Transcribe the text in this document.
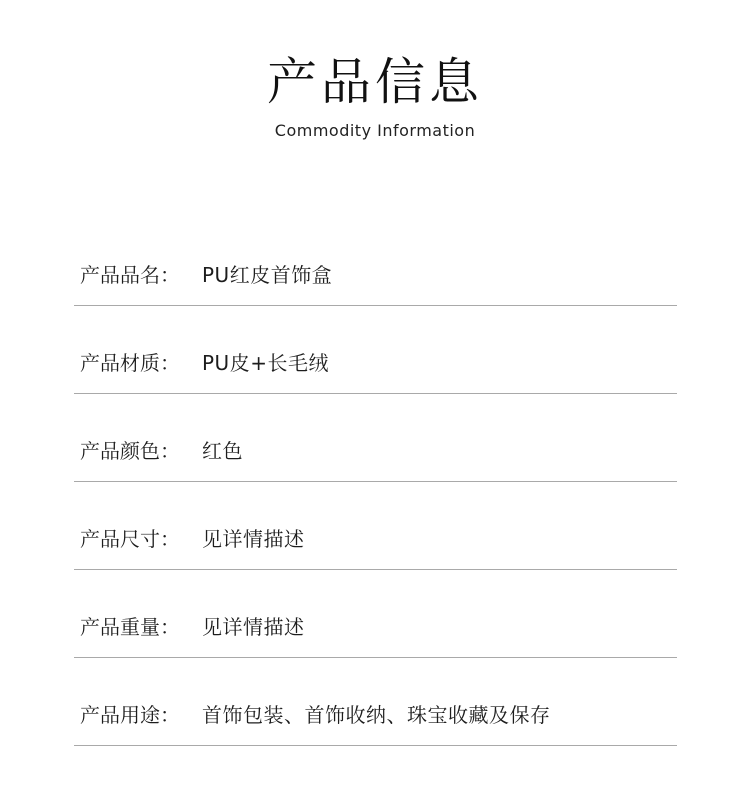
产品信息
Commodity Information
产品品名： PU红皮首饰盒
产品材质： PU皮+长毛绒
产品颜色： 红色
产品尺寸： 见详情描述
产品重量： 见详情描述
产品用途： 首饰包装、首饰收纳、珠宝收藏及保存
